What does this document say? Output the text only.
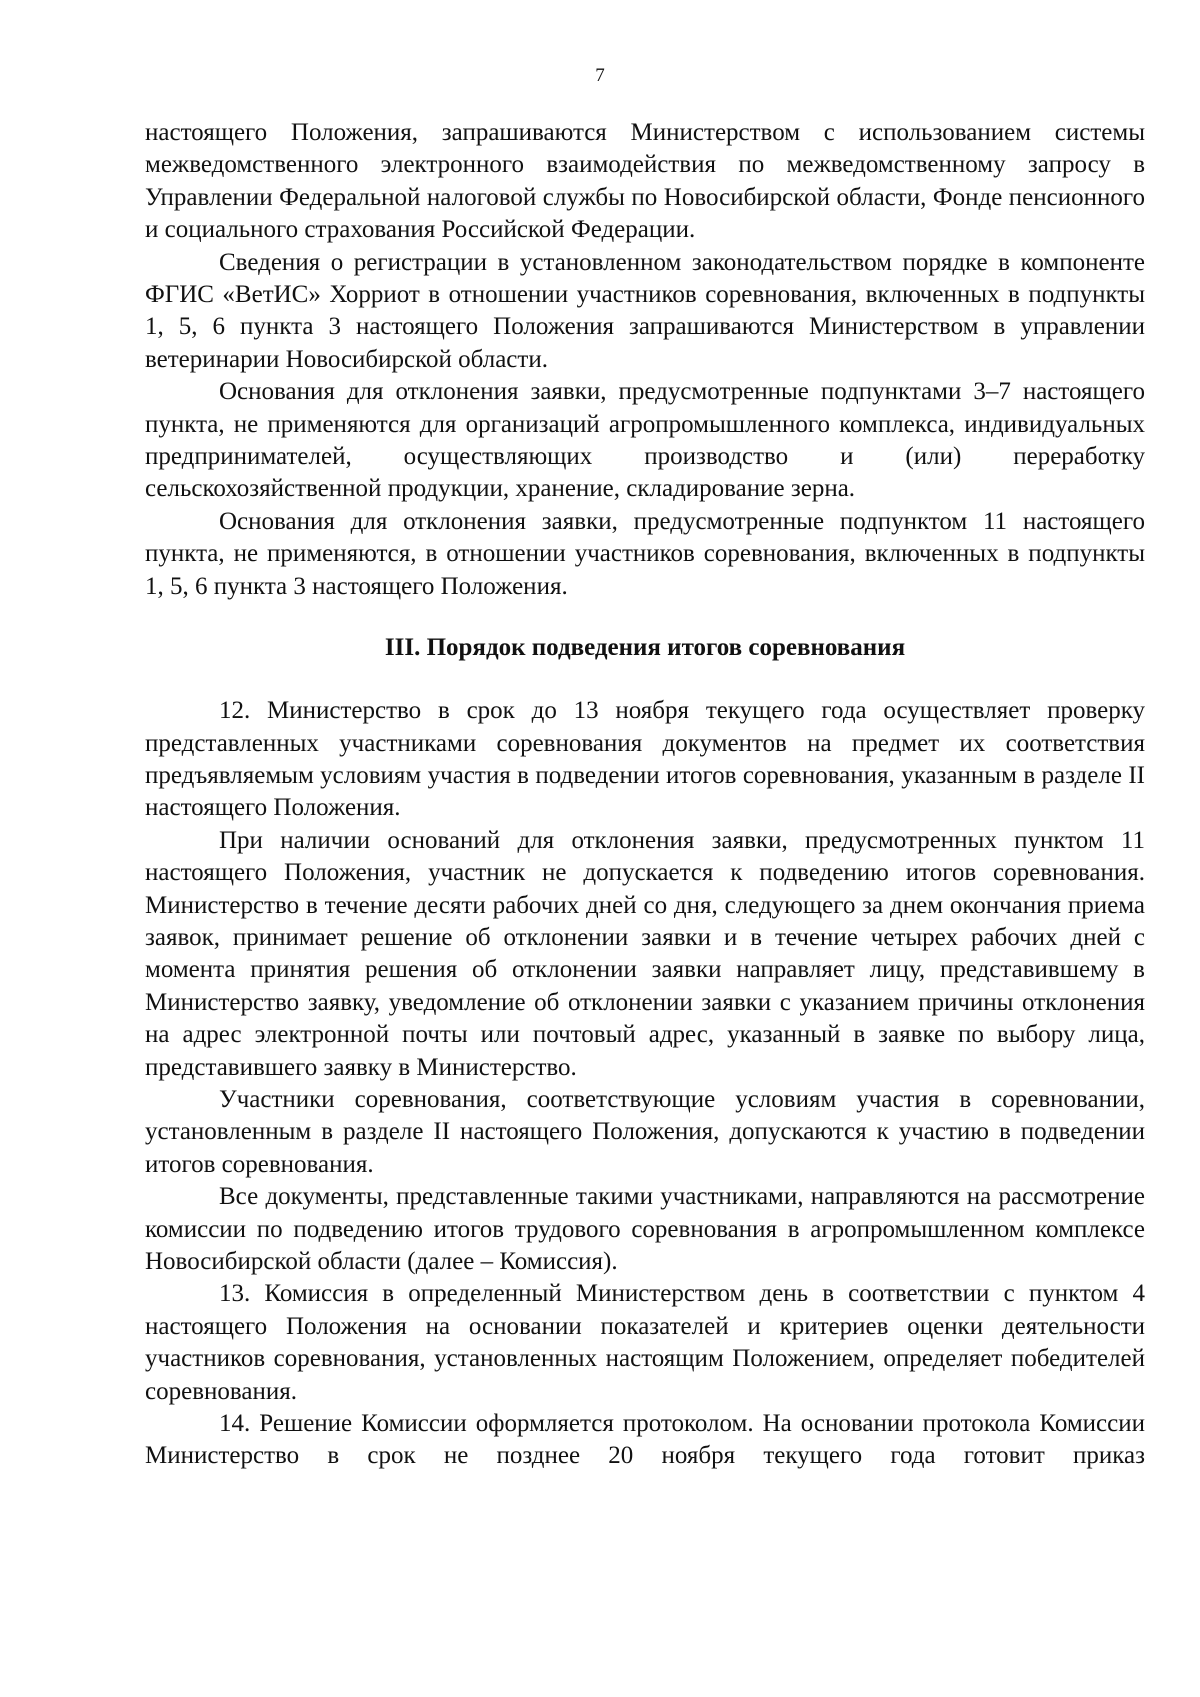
7

настоящего Положения, запрашиваются Министерством с использованием системы межведомственного электронного взаимодействия по межведомственному запросу в Управлении Федеральной налоговой службы по Новосибирской области, Фонде пенсионного и социального страхования Российской Федерации.

Сведения о регистрации в установленном законодательством порядке в компоненте ФГИС «ВетИС» Хорриот в отношении участников соревнования, включенных в подпункты 1, 5, 6 пункта 3 настоящего Положения запрашиваются Министерством в управлении ветеринарии Новосибирской области.

Основания для отклонения заявки, предусмотренные подпунктами 3–7 настоящего пункта, не применяются для организаций агропромышленного комплекса, индивидуальных предпринимателей, осуществляющих производство и (или) переработку сельскохозяйственной продукции, хранение, складирование зерна.

Основания для отклонения заявки, предусмотренные подпунктом 11 настоящего пункта, не применяются, в отношении участников соревнования, включенных в подпункты 1, 5, 6 пункта 3 настоящего Положения.

III. Порядок подведения итогов соревнования

12. Министерство в срок до 13 ноября текущего года осуществляет проверку представленных участниками соревнования документов на предмет их соответствия предъявляемым условиям участия в подведении итогов соревнования, указанным в разделе II настоящего Положения.

При наличии оснований для отклонения заявки, предусмотренных пунктом 11 настоящего Положения, участник не допускается к подведению итогов соревнования. Министерство в течение десяти рабочих дней со дня, следующего за днем окончания приема заявок, принимает решение об отклонении заявки и в течение четырех рабочих дней с момента принятия решения об отклонении заявки направляет лицу, представившему в Министерство заявку, уведомление об отклонении заявки с указанием причины отклонения на адрес электронной почты или почтовый адрес, указанный в заявке по выбору лица, представившего заявку в Министерство.

Участники соревнования, соответствующие условиям участия в соревновании, установленным в разделе II настоящего Положения, допускаются к участию в подведении итогов соревнования.

Все документы, представленные такими участниками, направляются на рассмотрение комиссии по подведению итогов трудового соревнования в агропромышленном комплексе Новосибирской области (далее – Комиссия).

13. Комиссия в определенный Министерством день в соответствии с пунктом 4 настоящего Положения на основании показателей и критериев оценки деятельности участников соревнования, установленных настоящим Положением, определяет победителей соревнования.

14. Решение Комиссии оформляется протоколом. На основании протокола Комиссии Министерство в срок не позднее 20 ноября текущего года готовит приказ
